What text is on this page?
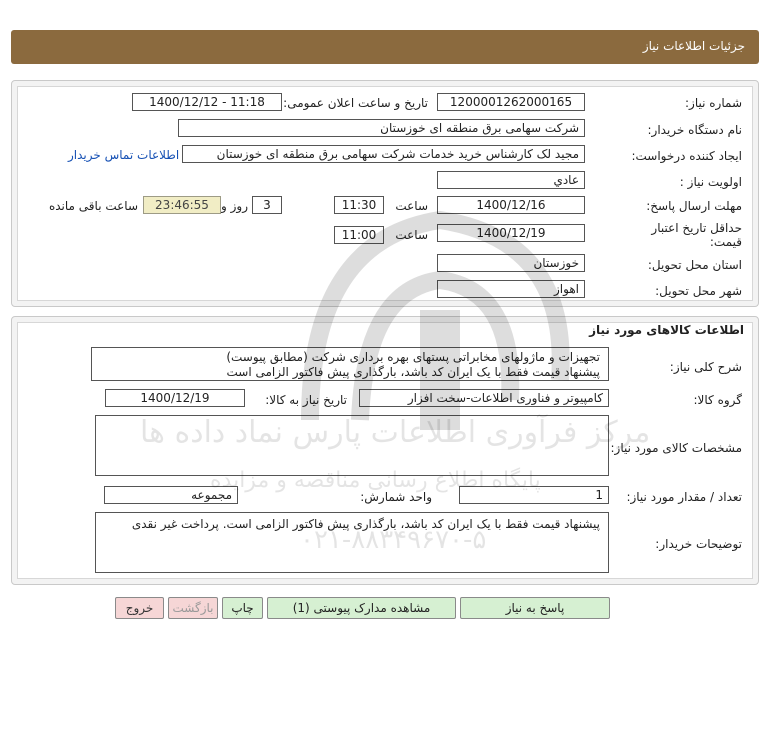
جزئیات اطلاعات نیاز
شماره نیاز:
1200001262000165
تاریخ و ساعت اعلان عمومی:
1400/12/12 - 11:18
نام دستگاه خریدار:
شرکت سهامی برق منطقه ای خوزستان
ایجاد کننده درخواست:
مجید لک کارشناس خرید خدمات شرکت سهامی برق منطقه ای خوزستان
اطلاعات تماس خریدار
اولویت نیاز :
عادي
مهلت ارسال پاسخ:
1400/12/16
ساعت
11:30
3
روز و
23:46:55
ساعت باقی مانده
حداقل تاریخ اعتبار
قیمت:
1400/12/19
ساعت
11:00
استان محل تحویل:
خوزستان
شهر محل تحویل:
اهواز
اطلاعات کالاهای مورد نیاز
شرح کلی نیاز:
تجهیزات و ماژولهای مخابراتی پستهای بهره برداری شرکت (مطابق پیوست)
پیشنهاد قیمت فقط با یک ایران کد باشد، بارگذاری پیش فاکتور الزامی است
گروه کالا:
کامپیوتر و فناوری اطلاعات-سخت افزار
تاریخ نیاز به کالا:
1400/12/19
مشخصات کالای مورد نیاز:
تعداد / مقدار مورد نیاز:
1
واحد شمارش:
مجموعه
توضیحات خریدار:
پیشنهاد قیمت فقط با یک ایران کد باشد، بارگذاری پیش فاکتور الزامی است. پرداخت غیر نقدی
پاسخ به نیاز
مشاهده مدارک پیوستی (1)
چاپ
بازگشت
خروج
